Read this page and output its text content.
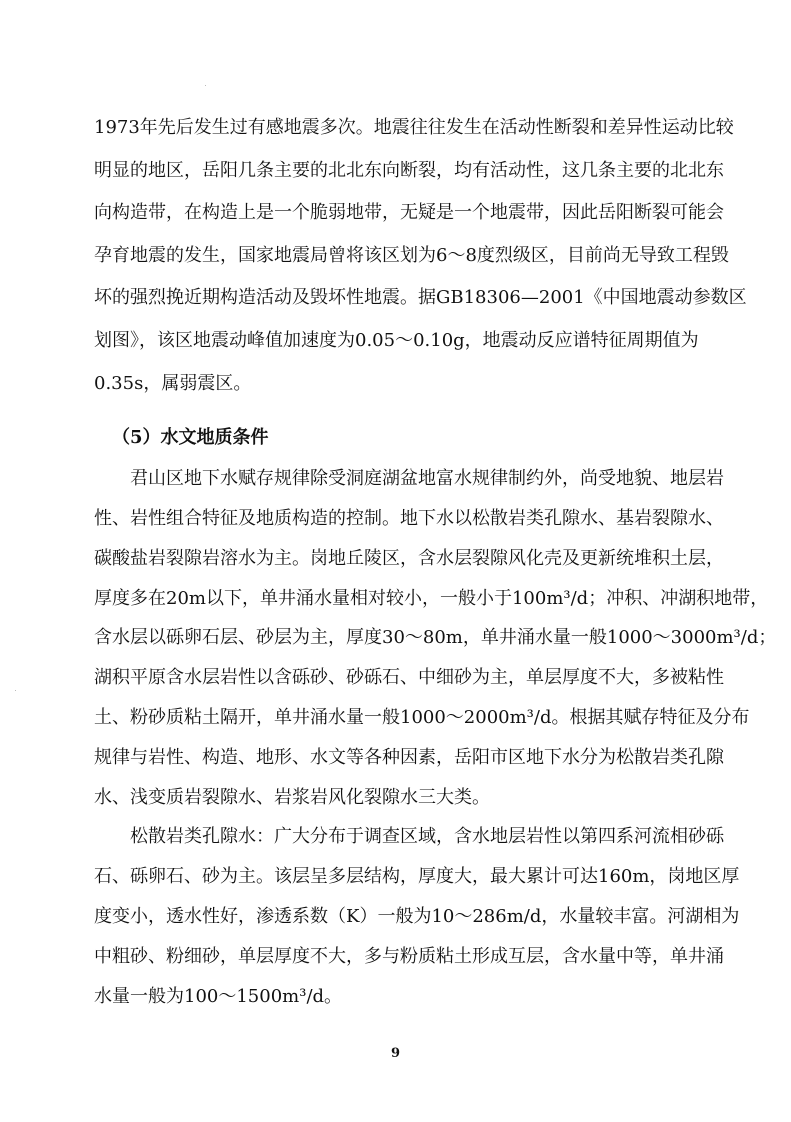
1973年先后发生过有感地震多次。地震往往发生在活动性断裂和差异性运动比较
明显的地区，岳阳几条主要的北北东向断裂，均有活动性，这几条主要的北北东
向构造带，在构造上是一个脆弱地带，无疑是一个地震带，因此岳阳断裂可能会
孕育地震的发生，国家地震局曾将该区划为6～8度烈级区，目前尚无导致工程毁
坏的强烈挽近期构造活动及毁坏性地震。据GB18306—2001《中国地震动参数区
划图》，该区地震动峰值加速度为0.05～0.10g，地震动反应谱特征周期值为
0.35s，属弱震区。
（5）水文地质条件
君山区地下水赋存规律除受洞庭湖盆地富水规律制约外，尚受地貌、地层岩
性、岩性组合特征及地质构造的控制。地下水以松散岩类孔隙水、基岩裂隙水、
碳酸盐岩裂隙岩溶水为主。岗地丘陵区，含水层裂隙风化壳及更新统堆积土层，
厚度多在20m以下，单井涌水量相对较小，一般小于100m³/d；冲积、冲湖积地带，
含水层以砾卵石层、砂层为主，厚度30～80m，单井涌水量一般1000～3000m³/d；
湖积平原含水层岩性以含砾砂、砂砾石、中细砂为主，单层厚度不大，多被粘性
土、粉砂质粘土隔开，单井涌水量一般1000～2000m³/d。根据其赋存特征及分布
规律与岩性、构造、地形、水文等各种因素，岳阳市区地下水分为松散岩类孔隙
水、浅变质岩裂隙水、岩浆岩风化裂隙水三大类。
松散岩类孔隙水：广大分布于调查区域，含水地层岩性以第四系河流相砂砾
石、砾卵石、砂为主。该层呈多层结构，厚度大，最大累计可达160m，岗地区厚
度变小，透水性好，渗透系数（K）一般为10～286m/d，水量较丰富。河湖相为
中粗砂、粉细砂，单层厚度不大，多与粉质粘土形成互层，含水量中等，单井涌
水量一般为100～1500m³/d。
9
